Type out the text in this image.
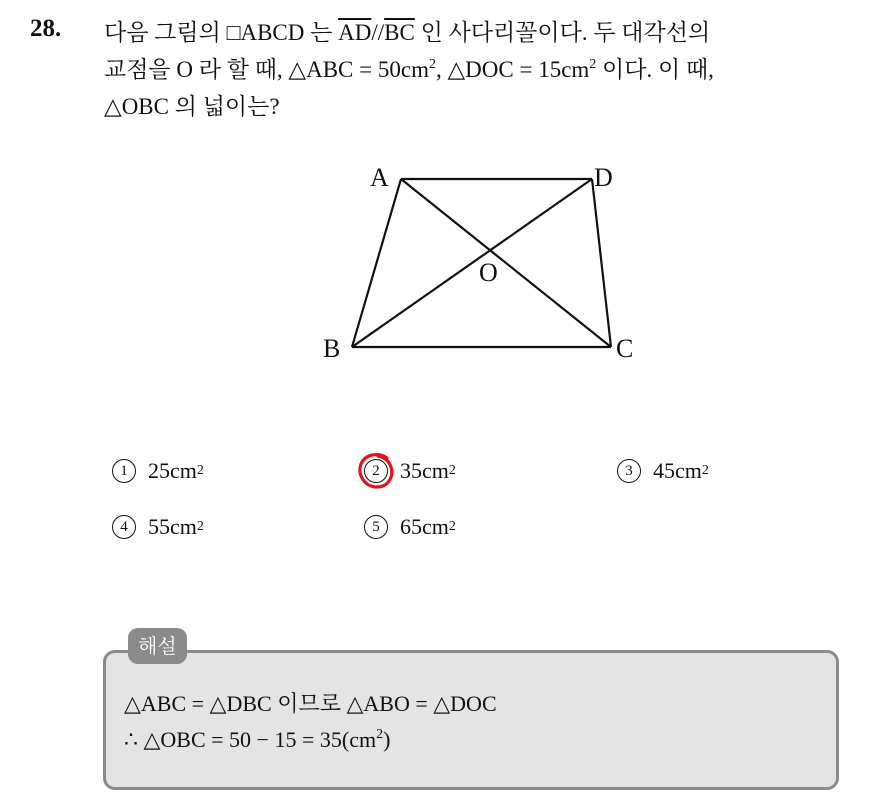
28. 다음 그림의 □ABCD 는 $\overline{AD}//\overline{BC}$ 인 사다리꼴이다. 두 대각선의
교점을 O 라 할 때, △ABC = $50cm^2$, △DOC = $15cm^2$ 이다. 이 때,
△OBC 의 넓이는?
A	D
O
B	C
1 25cm 2	2 35cm 2	3 45cm 2
4 55cm 2	5 65cm 2
해설
△ABC = △DBC 이므로 △ABO = △DOC
∴ △OBC = $50 - 15 = 35(cm^2)$
